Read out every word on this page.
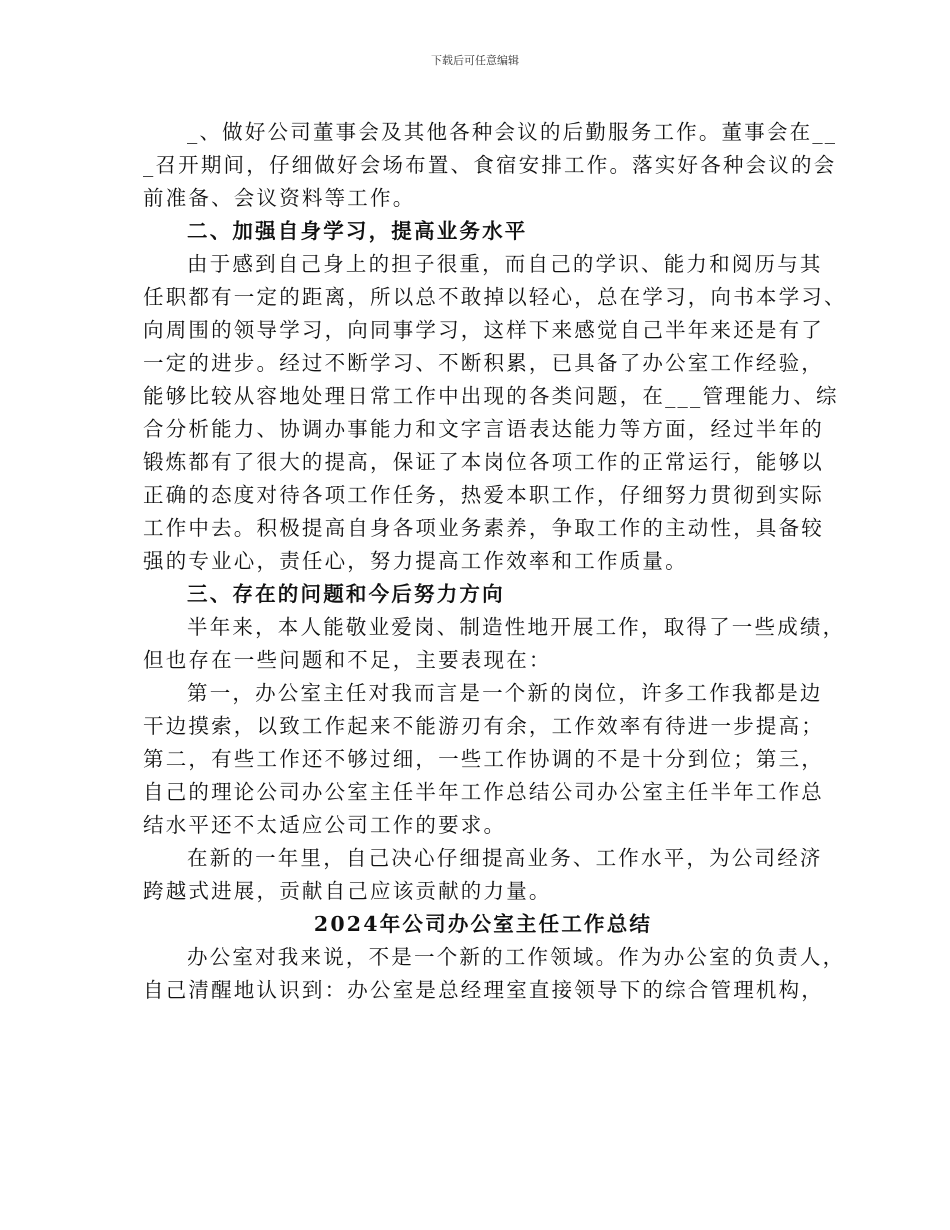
下载后可任意编辑
_、做好公司董事会及其他各种会议的后勤服务工作。董事会在__
_召开期间，仔细做好会场布置、食宿安排工作。落实好各种会议的会
前准备、会议资料等工作。
二、加强自身学习，提高业务水平
由于感到自己身上的担子很重，而自己的学识、能力和阅历与其
任职都有一定的距离，所以总不敢掉以轻心，总在学习，向书本学习、
向周围的领导学习，向同事学习，这样下来感觉自己半年来还是有了
一定的进步。经过不断学习、不断积累，已具备了办公室工作经验，
能够比较从容地处理日常工作中出现的各类问题，在___管理能力、综
合分析能力、协调办事能力和文字言语表达能力等方面，经过半年的
锻炼都有了很大的提高，保证了本岗位各项工作的正常运行，能够以
正确的态度对待各项工作任务，热爱本职工作，仔细努力贯彻到实际
工作中去。积极提高自身各项业务素养，争取工作的主动性，具备较
强的专业心，责任心，努力提高工作效率和工作质量。
三、存在的问题和今后努力方向
半年来，本人能敬业爱岗、制造性地开展工作，取得了一些成绩，
但也存在一些问题和不足，主要表现在：
第一，办公室主任对我而言是一个新的岗位，许多工作我都是边
干边摸索，以致工作起来不能游刃有余，工作效率有待进一步提高；
第二，有些工作还不够过细，一些工作协调的不是十分到位；第三，
自己的理论公司办公室主任半年工作总结公司办公室主任半年工作总
结水平还不太适应公司工作的要求。
在新的一年里，自己决心仔细提高业务、工作水平，为公司经济
跨越式进展，贡献自己应该贡献的力量。
2024年公司办公室主任工作总结
办公室对我来说，不是一个新的工作领域。作为办公室的负责人，
自己清醒地认识到：办公室是总经理室直接领导下的综合管理机构，
